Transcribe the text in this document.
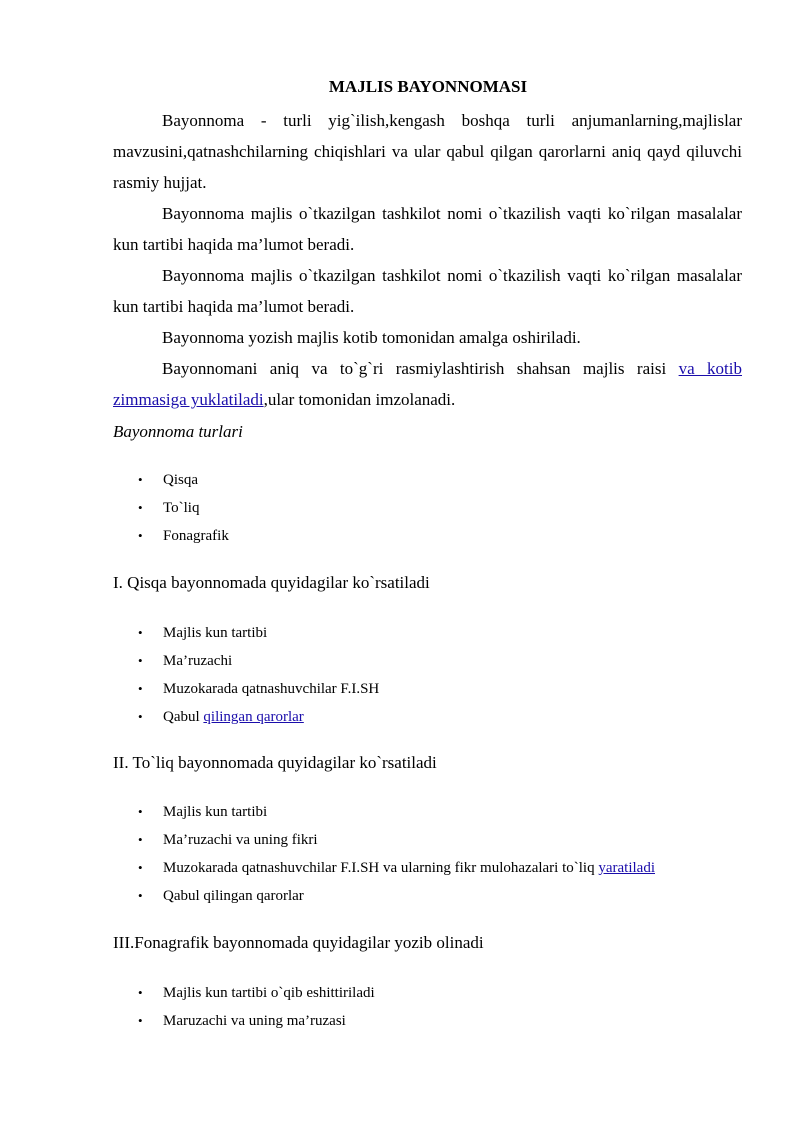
MAJLIS BAYONNOMASI

Bayonnoma - turli yig`ilish,kengash boshqa turli anjumanlarning,majlislar mavzusini,qatnashchilarning chiqishlari va ular qabul qilgan qarorlarni aniq qayd qiluvchi rasmiy hujjat.

Bayonnoma majlis o`tkazilgan tashkilot nomi o`tkazilish vaqti ko`rilgan masalalar kun tartibi haqida ma’lumot beradi.

Bayonnoma majlis o`tkazilgan tashkilot nomi o`tkazilish vaqti ko`rilgan masalalar kun tartibi haqida ma’lumot beradi.

Bayonnoma yozish majlis kotib tomonidan amalga oshiriladi.

Bayonnomani aniq va to`g`ri rasmiylashtirish shahsan majlis raisi va kotib zimmasiga yuklatiladi,ular tomonidan imzolanadi.

Bayonnoma turlari

• Qisqa
• To`liq
• Fonagrafik

I. Qisqa bayonnomada quyidagilar ko`rsatiladi

• Majlis kun tartibi
• Ma’ruzachi
• Muzokarada qatnashuvchilar F.I.SH
• Qabul qilingan qarorlar

II. To`liq bayonnomada quyidagilar ko`rsatiladi

• Majlis kun tartibi
• Ma’ruzachi va uning fikri
• Muzokarada qatnashuvchilar F.I.SH va ularning fikr mulohazalari to`liq yaratiladi
• Qabul qilingan qarorlar

III.Fonagrafik bayonnomada quyidagilar yozib olinadi

• Majlis kun tartibi o`qib eshittiriladi
• Maruzachi va uning ma’ruzasi
